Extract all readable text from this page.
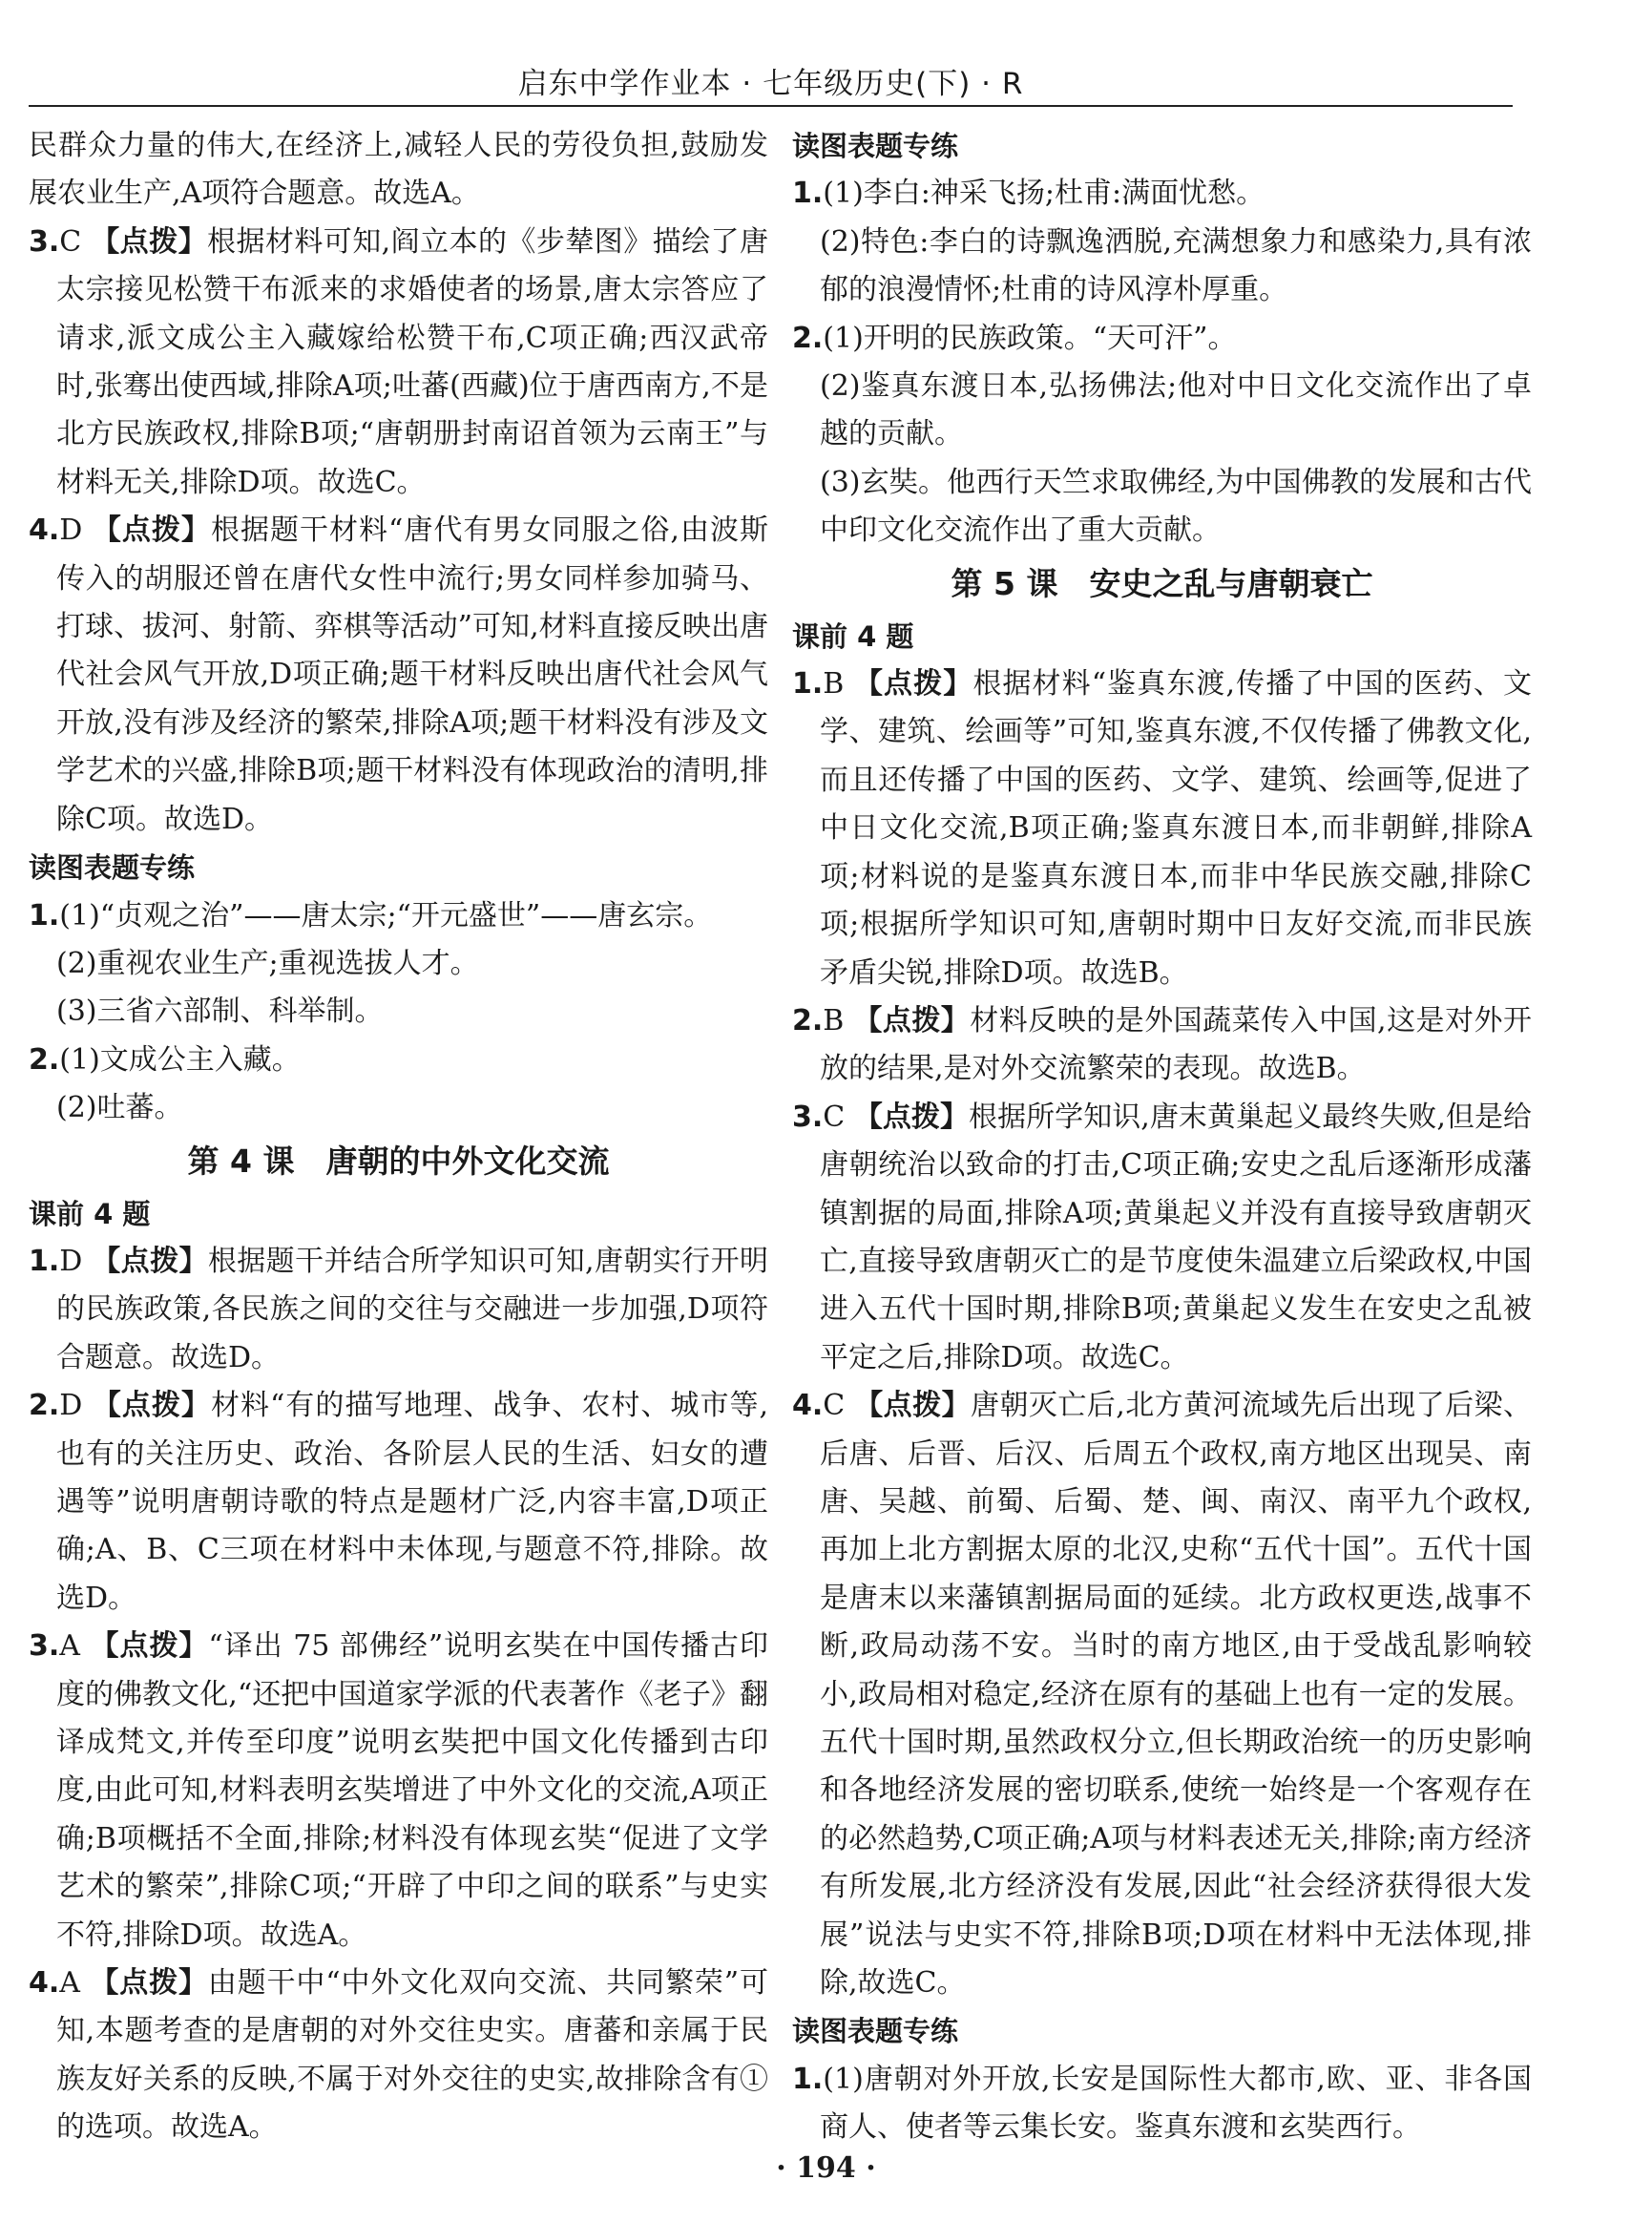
启东中学作业本 · 七年级历史(下) · R

民群众力量的伟大,在经济上,减轻人民的劳役负担,鼓励发展农业生产,A项符合题意。故选A。

3.C 【点拨】根据材料可知,阎立本的《步辇图》描绘了唐太宗接见松赞干布派来的求婚使者的场景,唐太宗答应了请求,派文成公主入藏嫁给松赞干布,C项正确;西汉武帝时,张骞出使西域,排除A项;吐蕃(西藏)位于唐西南方,不是北方民族政权,排除B项;“唐朝册封南诏首领为云南王”与材料无关,排除D项。故选C。

4.D 【点拨】根据题干材料“唐代有男女同服之俗,由波斯传入的胡服还曾在唐代女性中流行;男女同样参加骑马、打球、拔河、射箭、弈棋等活动”可知,材料直接反映出唐代社会风气开放,D项正确;题干材料反映出唐代社会风气开放,没有涉及经济的繁荣,排除A项;题干材料没有涉及文学艺术的兴盛,排除B项;题干材料没有体现政治的清明,排除C项。故选D。

读图表题专练

1.(1)“贞观之治”——唐太宗;“开元盛世”——唐玄宗。

(2)重视农业生产;重视选拔人才。

(3)三省六部制、科举制。

2.(1)文成公主入藏。

(2)吐蕃。

第 4 课　唐朝的中外文化交流

课前 4 题

1.D 【点拨】根据题干并结合所学知识可知,唐朝实行开明的民族政策,各民族之间的交往与交融进一步加强,D项符合题意。故选D。

2.D 【点拨】材料“有的描写地理、战争、农村、城市等,也有的关注历史、政治、各阶层人民的生活、妇女的遭遇等”说明唐朝诗歌的特点是题材广泛,内容丰富,D项正确;A、B、C三项在材料中未体现,与题意不符,排除。故选D。

3.A 【点拨】“译出 75 部佛经”说明玄奘在中国传播古印度的佛教文化,“还把中国道家学派的代表著作《老子》翻译成梵文,并传至印度”说明玄奘把中国文化传播到古印度,由此可知,材料表明玄奘增进了中外文化的交流,A项正确;B项概括不全面,排除;材料没有体现玄奘“促进了文学艺术的繁荣”,排除C项;“开辟了中印之间的联系”与史实不符,排除D项。故选A。

4.A 【点拨】由题干中“中外文化双向交流、共同繁荣”可知,本题考查的是唐朝的对外交往史实。唐蕃和亲属于民族友好关系的反映,不属于对外交往的史实,故排除含有①的选项。故选A。

读图表题专练

1.(1)李白:神采飞扬;杜甫:满面忧愁。

(2)特色:李白的诗飘逸洒脱,充满想象力和感染力,具有浓郁的浪漫情怀;杜甫的诗风淳朴厚重。

2.(1)开明的民族政策。“天可汗”。

(2)鉴真东渡日本,弘扬佛法;他对中日文化交流作出了卓越的贡献。

(3)玄奘。他西行天竺求取佛经,为中国佛教的发展和古代中印文化交流作出了重大贡献。

第 5 课　安史之乱与唐朝衰亡

课前 4 题

1.B 【点拨】根据材料“鉴真东渡,传播了中国的医药、文学、建筑、绘画等”可知,鉴真东渡,不仅传播了佛教文化,而且还传播了中国的医药、文学、建筑、绘画等,促进了中日文化交流,B项正确;鉴真东渡日本,而非朝鲜,排除A项;材料说的是鉴真东渡日本,而非中华民族交融,排除C项;根据所学知识可知,唐朝时期中日友好交流,而非民族矛盾尖锐,排除D项。故选B。

2.B 【点拨】材料反映的是外国蔬菜传入中国,这是对外开放的结果,是对外交流繁荣的表现。故选B。

3.C 【点拨】根据所学知识,唐末黄巢起义最终失败,但是给唐朝统治以致命的打击,C项正确;安史之乱后逐渐形成藩镇割据的局面,排除A项;黄巢起义并没有直接导致唐朝灭亡,直接导致唐朝灭亡的是节度使朱温建立后梁政权,中国进入五代十国时期,排除B项;黄巢起义发生在安史之乱被平定之后,排除D项。故选C。

4.C 【点拨】唐朝灭亡后,北方黄河流域先后出现了后梁、后唐、后晋、后汉、后周五个政权,南方地区出现吴、南唐、吴越、前蜀、后蜀、楚、闽、南汉、南平九个政权,再加上北方割据太原的北汉,史称“五代十国”。五代十国是唐末以来藩镇割据局面的延续。北方政权更迭,战事不断,政局动荡不安。当时的南方地区,由于受战乱影响较小,政局相对稳定,经济在原有的基础上也有一定的发展。五代十国时期,虽然政权分立,但长期政治统一的历史影响和各地经济发展的密切联系,使统一始终是一个客观存在的必然趋势,C项正确;A项与材料表述无关,排除;南方经济有所发展,北方经济没有发展,因此“社会经济获得很大发展”说法与史实不符,排除B项;D项在材料中无法体现,排除,故选C。

读图表题专练

1.(1)唐朝对外开放,长安是国际性大都市,欧、亚、非各国商人、使者等云集长安。鉴真东渡和玄奘西行。

· 194 ·
